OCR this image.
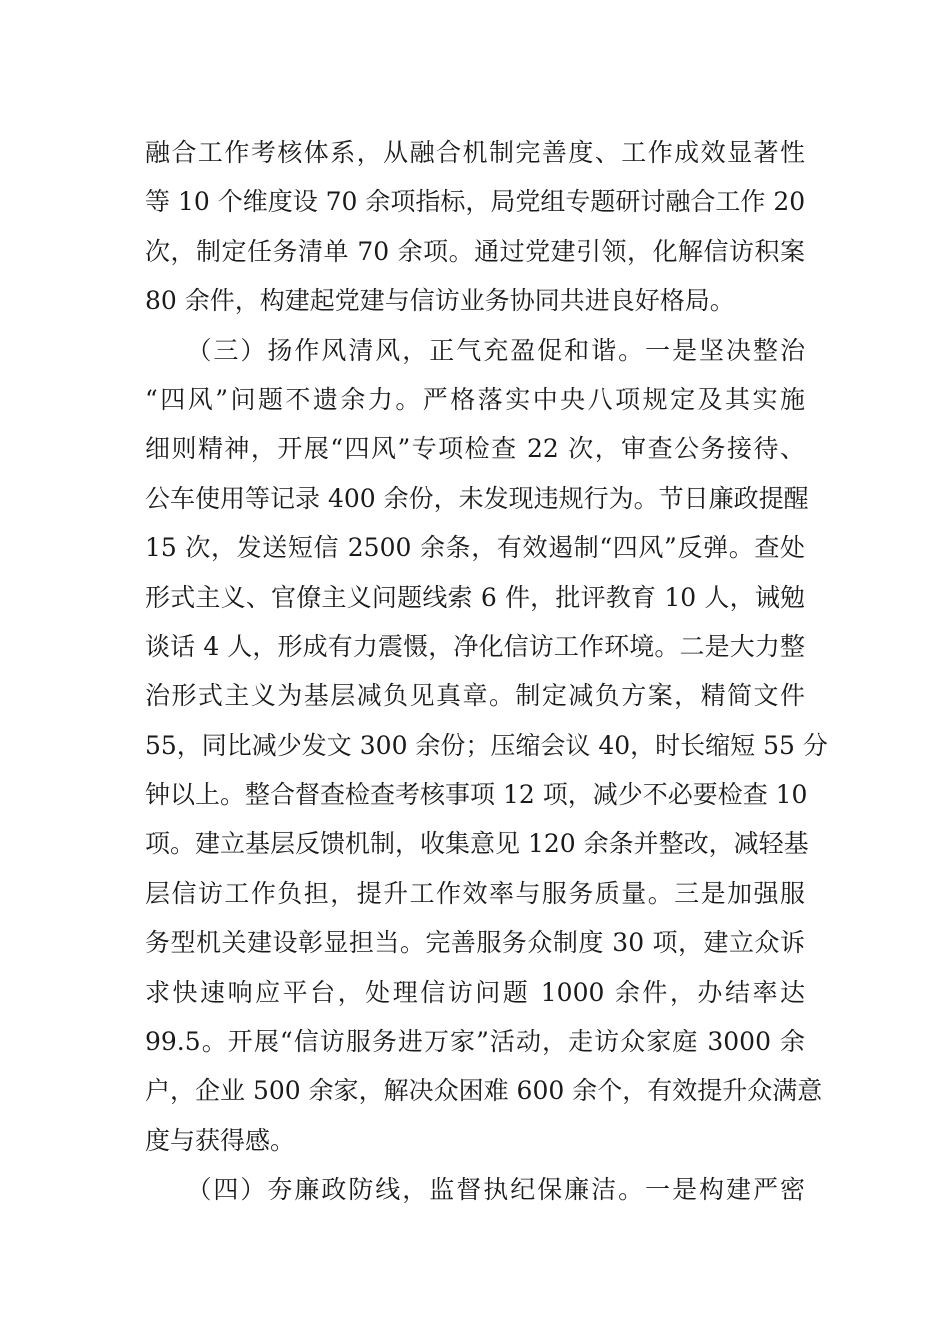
融合工作考核体系，从融合机制完善度、工作成效显著性
等 10 个维度设 70 余项指标，局党组专题研讨融合工作 20
次，制定任务清单 70 余项。通过党建引领，化解信访积案
80 余件，构建起党建与信访业务协同共进良好格局。
　　（三）扬作风清风，正气充盈促和谐。一是坚决整治
“四风”问题不遗余力。严格落实中央八项规定及其实施
细则精神，开展“四风”专项检查 22 次，审查公务接待、
公车使用等记录 400 余份，未发现违规行为。节日廉政提醒
15 次，发送短信 2500 余条，有效遏制“四风”反弹。查处
形式主义、官僚主义问题线索 6 件，批评教育 10 人，诫勉
谈话 4 人，形成有力震慑，净化信访工作环境。二是大力整
治形式主义为基层减负见真章。制定减负方案，精简文件
55，同比减少发文 300 余份；压缩会议 40，时长缩短 55 分
钟以上。整合督查检查考核事项 12 项，减少不必要检查 10
项。建立基层反馈机制，收集意见 120 余条并整改，减轻基
层信访工作负担，提升工作效率与服务质量。三是加强服
务型机关建设彰显担当。完善服务众制度 30 项，建立众诉
求快速响应平台，处理信访问题 1000 余件，办结率达
99.5。开展“信访服务进万家”活动，走访众家庭 3000 余
户，企业 500 余家，解决众困难 600 余个，有效提升众满意
度与获得感。
　　（四）夯廉政防线，监督执纪保廉洁。一是构建严密
